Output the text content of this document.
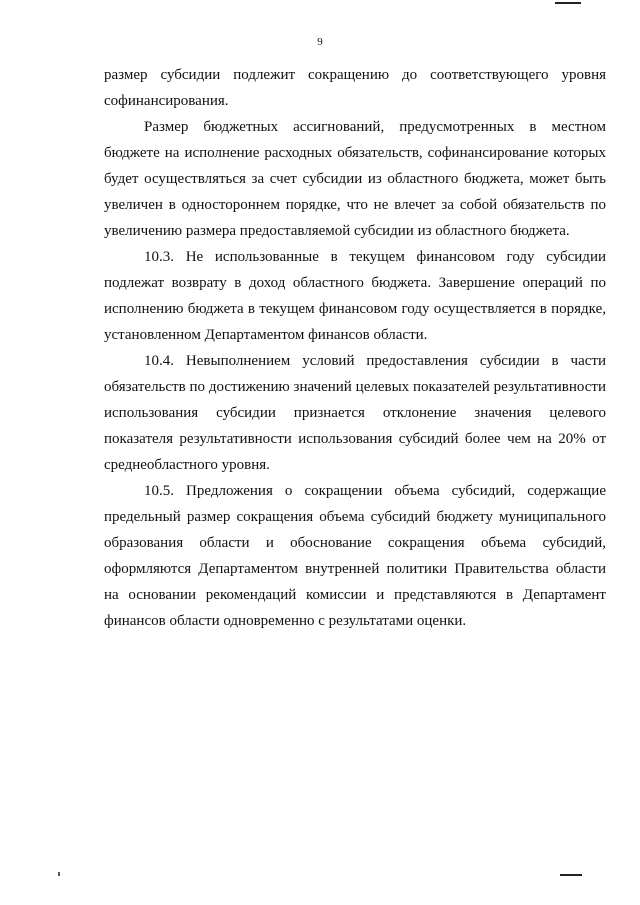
9

размер субсидии подлежит сокращению до соответствующего уровня софинансирования.

Размер бюджетных ассигнований, предусмотренных в местном бюджете на исполнение расходных обязательств, софинансирование которых будет осуществляться за счет субсидии из областного бюджета, может быть увеличен в одностороннем порядке, что не влечет за собой обязательств по увеличению размера предоставляемой субсидии из областного бюджета.

10.3. Не использованные в текущем финансовом году субсидии подлежат возврату в доход областного бюджета. Завершение операций по исполнению бюджета в текущем финансовом году осуществляется в порядке, установленном Департаментом финансов области.

10.4. Невыполнением условий предоставления субсидии в части обязательств по достижению значений целевых показателей результативности использования субсидии признается отклонение значения целевого показателя результативности использования субсидий более чем на 20% от среднеобластного уровня.

10.5. Предложения о сокращении объема субсидий, содержащие предельный размер сокращения объема субсидий бюджету муниципального образования области и обоснование сокращения объема субсидий, оформляются Департаментом внутренней политики Правительства области на основании рекомендаций комиссии и представляются в Департамент финансов области одновременно с результатами оценки.
